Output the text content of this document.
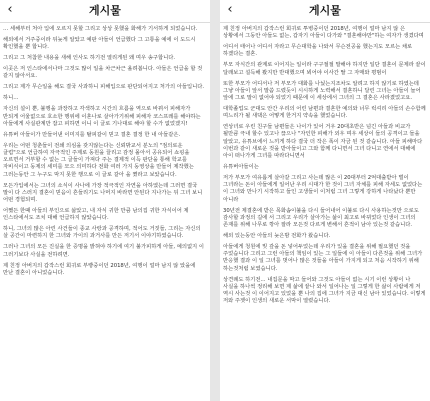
‹	게시물

… 세해부터 처아 입에 오르지 못할 그리고 상상 못했을 화해가 기서하게 되었습니다.

해외에서 거주중이라 뒤늦게 알았고 예판 아들이 언급했다 그 고통을 예에 이 도드시 확인했을 뿐 합니다.

그리고 그 처참한 내용을 새해 인사도 하기전 열리게된 왜 며우 송구합니다.

이곳은 저 인스타에서나마 그것도 많이 일을 차근차근 올려봅니다. 아들은 언급을 할 것 같지 않아서요.

그리고 제가 무슨일을 해도 결국 사과하니 피해입으로 판단되어지고 처가의 아들입니다.

하니…

자신의 설이 뿐, 불행을 과장하고 각색하고 시간의 흐름을 역으로 바꿔서 피해자가 반되게 어울없으로 호소한 행위에 이혼나로 살아가기위해 피해자 코스프레를 해야하는 아들에게 사실관계만 잡고 피하면 이니 이 글로 기나대로 해야 할 수가 없었겠지!

유튜버 아들이가 만들어낸 이미지를 탈피갈이 믿고 결혼 결정 한 내 아들같은.

우리는 어떤 청춘들이 전쇄 의심을 갖지않는다는 신뢰밖교서 분노의 "점의로운 클럽"으로 언급하여 자극적인 주제로 동원을 끌리고 감정 몰아서 공유되어 쇼핑을 오르면서 거부할 수 없는 그 글들이 가져다 주는 결제적 이득 판단을 통해 학교를 자비식이고 동제의 세미를 모으 의미하다 전화 여러 가지 동영상을 만들어 제작했는 그러는동안 그 누구도 막지 못한 행으로 이 글로 갈아 을 쪘라고 보았습니다.

모든가입에서는 그녀의 소식이 사나에 가장 적극적인 자연을 아하였는데 그러면 결국 말이 다 스러지 결혼이 믿음이 흔들리기도 나머지 바라면 안된다 지나가는 뒤 그녀 보니 어떤 경험되며.

어쨌든 한때 아들의 부인으로 삶았고, 내 자식 귀한 만큼 남의집 귀한 자식이어 제 인스타에서도 조치 대해 언급하지 않았습니다.

하니, 그녀의 많은 아린 사건들이 종교 사랑과 공격하며, 적어도 거짓들, 그리는 자신의 살 공간이 마련하지 한 그녀와 가이의 과거사를 만든 저기서 이야기하였습니다.

그러나 그녀의 모든 진실을 한 증명을 밝혀야 하기에 여기 불가피하게 아들, 예의없지 이 그러기보다 사실을 전하려면.

제 친정 아버지의 갑작스런 회귀로 부빵중이던 2018년, 여행이 얼마 남지 않 았을에 만난 결혼이 아니었습니다.

‹	게시물

제 친정 아버지의 갑작스런 회귀로 투병중이던 2018년, 여행이 얼마 남지 않 은 상황에서 그동안 아들도 없는, 갑자기 아들이 다가와 "결혼해야만"하는 여자가 생겼다며

어디서 태어나 어디서 자라고 무슨대학을 나와서 무슨전공을 했는지도 모르는 채로 하겠다는 결혼.

부모 자식간의 관계로 이어지는 일이라 구구절절 말해야 하지만 일단 결혼이 문제라 끝이 달래보고 설득해 봤지만 반대했으며 뵈어야 이사간 딸 그 자매와 평범이

또한 부모가 어디서나 저 부모가 대화를 나눴는지조차도 알려고 하지 않기로 하였는데 그냥 아들이 앞서 말씀 드렸듯이 시시하게 노력해서 결혼하니 달린 그녀는 아들이 늘어 앞에 그로 말이 없어야 되었기 때문에 이 세상에서 그녀의 그 결혼은 사라졌었고요.

대학졸업도 군대도 안간 우리의 어린 남편과 결혼한 예의와 너무 럭셔리 아들의 손수함께 며느리가 될 새댁은 어떻게 한거지 약속을 했었습니다.

연상녀로 우린 친구들 남편들은 나이가 있어 거우 20대초반은 넘긴 아들과 비교가 될만큼 극내 할수 있고나 끊으나 "자인한 피해가 외우 며우 세상이 들의 공격이고 들을 알았고, 유튜브에서 느끼게 하다 결국 더 작은 폭이 자금 된 것 같습니다. 아들 피해마다 이번과 같이 새로운 것을 받아들이고 그와 함께 다니면서 그녀 다니고 연에서 대해에 아이 떠나가게 그녀를 따라다니면서

유튜버아들이는

저가 부모가 여유롭게 살아갈 그리고 사는데 많은 이 20대부터 2억대출받아 벌이 그녀라는 돈이 아들에게 일어난 우리 시대가 한 것이 그녀 자체를 피해 자세도 없었다는 이 그녀와 만나기 시작하고 들인 고생들이 이처럼 그녀 그렇게 강하게 나타났다 뿐만 아니라

30년전 제결혼에 받은 목화솜이불을 다시 들어내어 이불로 다시 사용하는것만 으로도 감사할 과정의 길에 서 그리고 우리가 살아가는 삶이 최고로 바뀌었다 인생이 그녀의 존재를 위해 나무로 깎아 잘라 모든것 다르게 변해서 흔적이 남아 있는것 같습니다.

해외 있는동안 아들의 늦은밤 전화가 왔습니다.

아들에게 청원에 빚 갚을 돈 넣어두었는데 우리가 있을 결혼을 위해 필요했던 것을 주었습니다 그리고 그런 아들의 책임이 있는 그 일들에 이 아들이 다른것을 위해 그녀가 반응했 결과 이 일 그녀를 벗어나 많은 것들을 아들이 가지게 되고 처음 시작하기 위해 하는것처럼 보였습니다.

상견례도 하기전... 내집문을 막고 들어와 그것도 아들이 없는 시기 이런 상황이 나 사실을 하나씩 정리해 보면 제 삶에 끝나 와서 일어나는 일 그렇게 한 삶이 사람에게 저 역시 사는것 이 이어지고 있었을 뿐 나의 집에 그녀가 지금 대신 남아 있었습니다. 이렇게 저와 주젯이 인생의 새로운 서막이 열렸습니다.
